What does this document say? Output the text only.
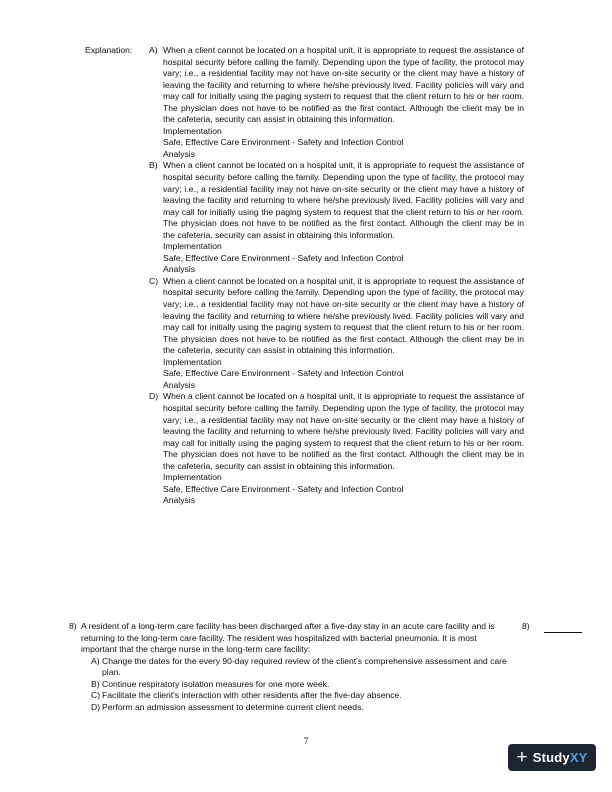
Explanation: A) When a client cannot be located on a hospital unit, it is appropriate to request the assistance of hospital security before calling the family. Depending upon the type of facility, the protocol may vary; i.e., a residential facility may not have on-site security or the client may have a history of leaving the facility and returning to where he/she previously lived. Facility policies will vary and may call for initially using the paging system to request that the client return to his or her room. The physician does not have to be notified as the first contact. Although the client may be in the cafeteria, security can assist in obtaining this information.
Implementation
Safe, Effective Care Environment - Safety and Infection Control
Analysis
B) When a client cannot be located on a hospital unit, it is appropriate to request the assistance of hospital security before calling the family. Depending upon the type of facility, the protocol may vary; i.e., a residential facility may not have on-site security or the client may have a history of leaving the facility and returning to where he/she previously lived. Facility policies will vary and may call for initially using the paging system to request that the client return to his or her room. The physician does not have to be notified as the first contact. Although the client may be in the cafeteria, security can assist in obtaining this information.
Implementation
Safe, Effective Care Environment - Safety and Infection Control
Analysis
C) When a client cannot be located on a hospital unit, it is appropriate to request the assistance of hospital security before calling the family. Depending upon the type of facility, the protocol may vary; i.e., a residential facility may not have on-site security or the client may have a history of leaving the facility and returning to where he/she previously lived. Facility policies will vary and may call for initially using the paging system to request that the client return to his or her room. The physician does not have to be notified as the first contact. Although the client may be in the cafeteria, security can assist in obtaining this information.
Implementation
Safe, Effective Care Environment - Safety and Infection Control
Analysis
D) When a client cannot be located on a hospital unit, it is appropriate to request the assistance of hospital security before calling the family. Depending upon the type of facility, the protocol may vary; i.e., a residential facility may not have on-site security or the client may have a history of leaving the facility and returning to where he/she previously lived. Facility policies will vary and may call for initially using the paging system to request that the client return to his or her room. The physician does not have to be notified as the first contact. Although the client may be in the cafeteria, security can assist in obtaining this information.
Implementation
Safe, Effective Care Environment - Safety and Infection Control
Analysis
8) A resident of a long-term care facility has been discharged after a five-day stay in an acute care facility and is returning to the long-term care facility. The resident was hospitalized with bacterial pneumonia. It is most important that the charge nurse in the long-term care facility:
A) Change the dates for the every 90-day required review of the client's comprehensive assessment and care plan.
B) Continue respiratory isolation measures for one more week.
C) Facilitate the client's interaction with other residents after the five-day absence.
D) Perform an admission assessment to determine current client needs.
8)
7
+ Study XY
